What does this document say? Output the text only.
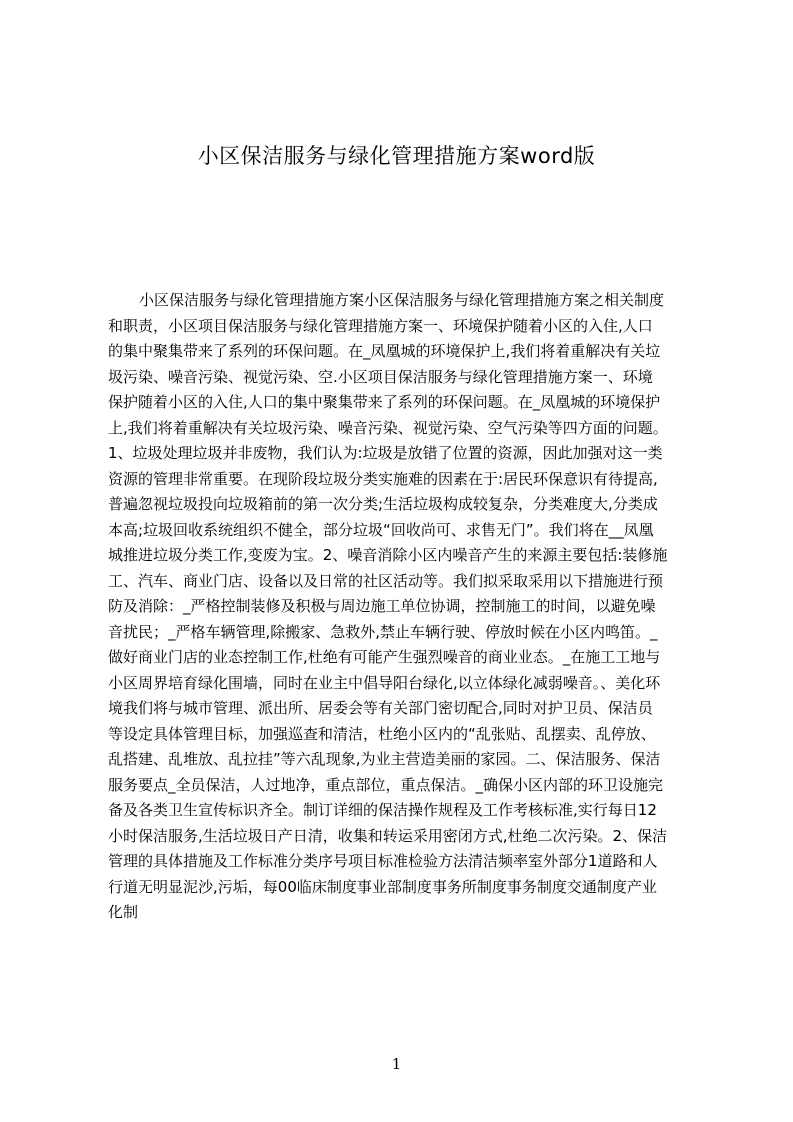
小区保洁服务与绿化管理措施方案word版
小区保洁服务与绿化管理措施方案小区保洁服务与绿化管理措施方案之相关制度
和职责，小区项目保洁服务与绿化管理措施方案一、环境保护随着小区的入住,人口
的集中聚集带来了系列的环保问题。在_凤凰城的环境保护上,我们将着重解决有关垃
圾污染、噪音污染、视觉污染、空.小区项目保洁服务与绿化管理措施方案一、环境
保护随着小区的入住,人口的集中聚集带来了系列的环保问题。在_凤凰城的环境保护
上,我们将着重解决有关垃圾污染、噪音污染、视觉污染、空气污染等四方面的问题。
1、垃圾处理垃圾并非废物，我们认为:垃圾是放错了位置的资源，因此加强对这一类
资源的管理非常重要。在现阶段垃圾分类实施难的因素在于:居民环保意识有待提高,
普遍忽视垃圾投向垃圾箱前的第一次分类;生活垃圾构成较复杂，分类难度大,分类成
本高;垃圾回收系统组织不健全，部分垃圾“回收尚可、求售无门”。我们将在__凤凰
城推进垃圾分类工作,变废为宝。2、噪音消除小区内噪音产生的来源主要包括:装修施
工、汽车、商业门店、设备以及日常的社区活动等。我们拟采取采用以下措施进行预
防及消除：_严格控制装修及积极与周边施工单位协调，控制施工的时间，以避免噪
音扰民；_严格车辆管理,除搬家、急救外,禁止车辆行驶、停放时候在小区内鸣笛。_
做好商业门店的业态控制工作,杜绝有可能产生强烈噪音的商业业态。_在施工工地与
小区周界培育绿化围墙，同时在业主中倡导阳台绿化,以立体绿化减弱噪音。、美化环
境我们将与城市管理、派出所、居委会等有关部门密切配合,同时对护卫员、保洁员
等设定具体管理目标，加强巡查和清洁，杜绝小区内的“乱张贴、乱摆卖、乱停放、
乱搭建、乱堆放、乱拉挂”等六乱现象,为业主营造美丽的家园。二、保洁服务、保洁
服务要点_全员保洁，人过地净，重点部位，重点保洁。_确保小区内部的环卫设施完
备及各类卫生宣传标识齐全。制订详细的保洁操作规程及工作考核标准,实行每日12
小时保洁服务,生活垃圾日产日清，收集和转运采用密闭方式,杜绝二次污染。2、保洁
管理的具体措施及工作标准分类序号项目标准检验方法清洁频率室外部分1道路和人
行道无明显泥沙,污垢，每00临床制度事业部制度事务所制度事务制度交通制度产业
化制
1
